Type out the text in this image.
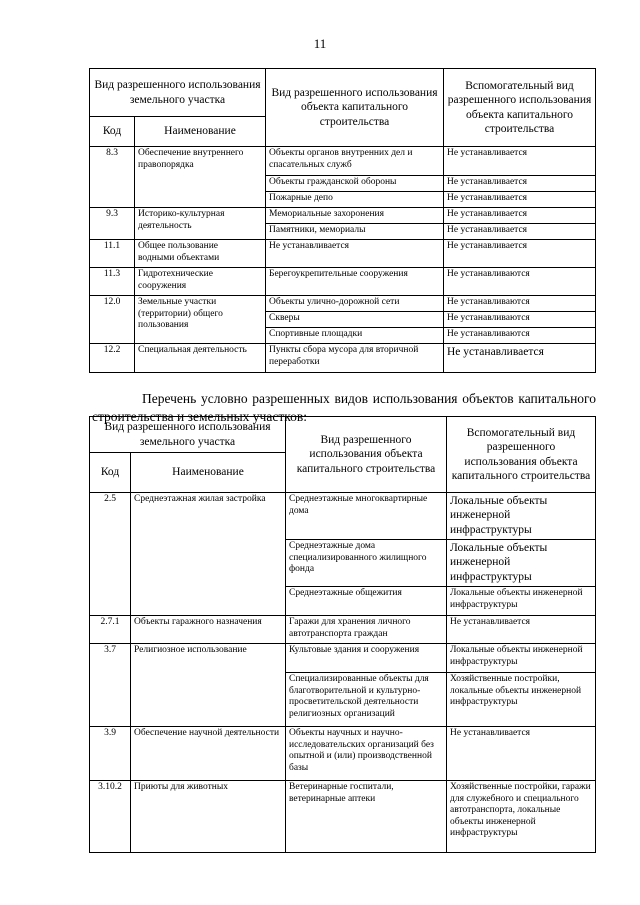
11
Вид разрешенного использования земельного участка		Вид разрешенного использования объекта капитального строительства	Вспомогательный вид разрешенного использования объекта капитального строительства
Код	Наименование		
8.3	Обеспечение внутреннего правопорядка	Объекты органов внутренних дел и спасательных служб	Не устанавливается
		Объекты гражданской обороны	Не устанавливается
		Пожарные депо	Не устанавливается
9.3	Историко-культурная деятельность	Мемориальные захоронения	Не устанавливается
		Памятники, мемориалы	Не устанавливается
11.1	Общее пользование
водными объектами	Не устанавливается	Не устанавливается
11.3	Гидротехнические сооружения	Берегоукрепительные сооружения	Не устанавливаются
12.0	Земельные участки
(территории) общего
пользования	Объекты улично-дорожной сети	Не устанавливаются
		Скверы	Не устанавливаются
		Спортивные площадки	Не устанавливаются
12.2	Специальная деятельность	Пункты сбора мусора для вторичной переработки	Не устанавливается

Перечень условно разрешенных видов использования объектов капитального строительства и земельных участков:

Вид разрешенного использования земельного участка		Вид разрешенного использования объекта капитального строительства	Вспомогательный вид разрешенного использования объекта капитального строительства
Код	Наименование		
2.5	Среднеэтажная жилая застройка	Среднеэтажные многоквартирные дома	Локальные объекты инженерной инфраструктуры
		Среднеэтажные дома специализированного жилищного фонда	Локальные объекты инженерной инфраструктуры
		Среднеэтажные общежития	Локальные объекты инженерной инфраструктуры
2.7.1	Объекты гаражного назначения	Гаражи для хранения личного
автотранспорта граждан	Не устанавливается
3.7	Религиозное использование	Культовые здания и сооружения	Локальные объекты инженерной инфраструктуры
		Специализированные объекты для благотворительной и культурно-просветительской деятельности религиозных организаций	Хозяйственные постройки, локальные объекты инженерной инфраструктуры
3.9	Обеспечение научной деятельности	Объекты научных и научно-исследовательских организаций без опытной и (или) производственной базы	Не устанавливается
3.10.2	Приюты для животных	Ветеринарные госпитали, ветеринарные аптеки	Хозяйственные постройки, гаражи для служебного и специального автотранспорта, локальные объекты инженерной инфраструктуры
